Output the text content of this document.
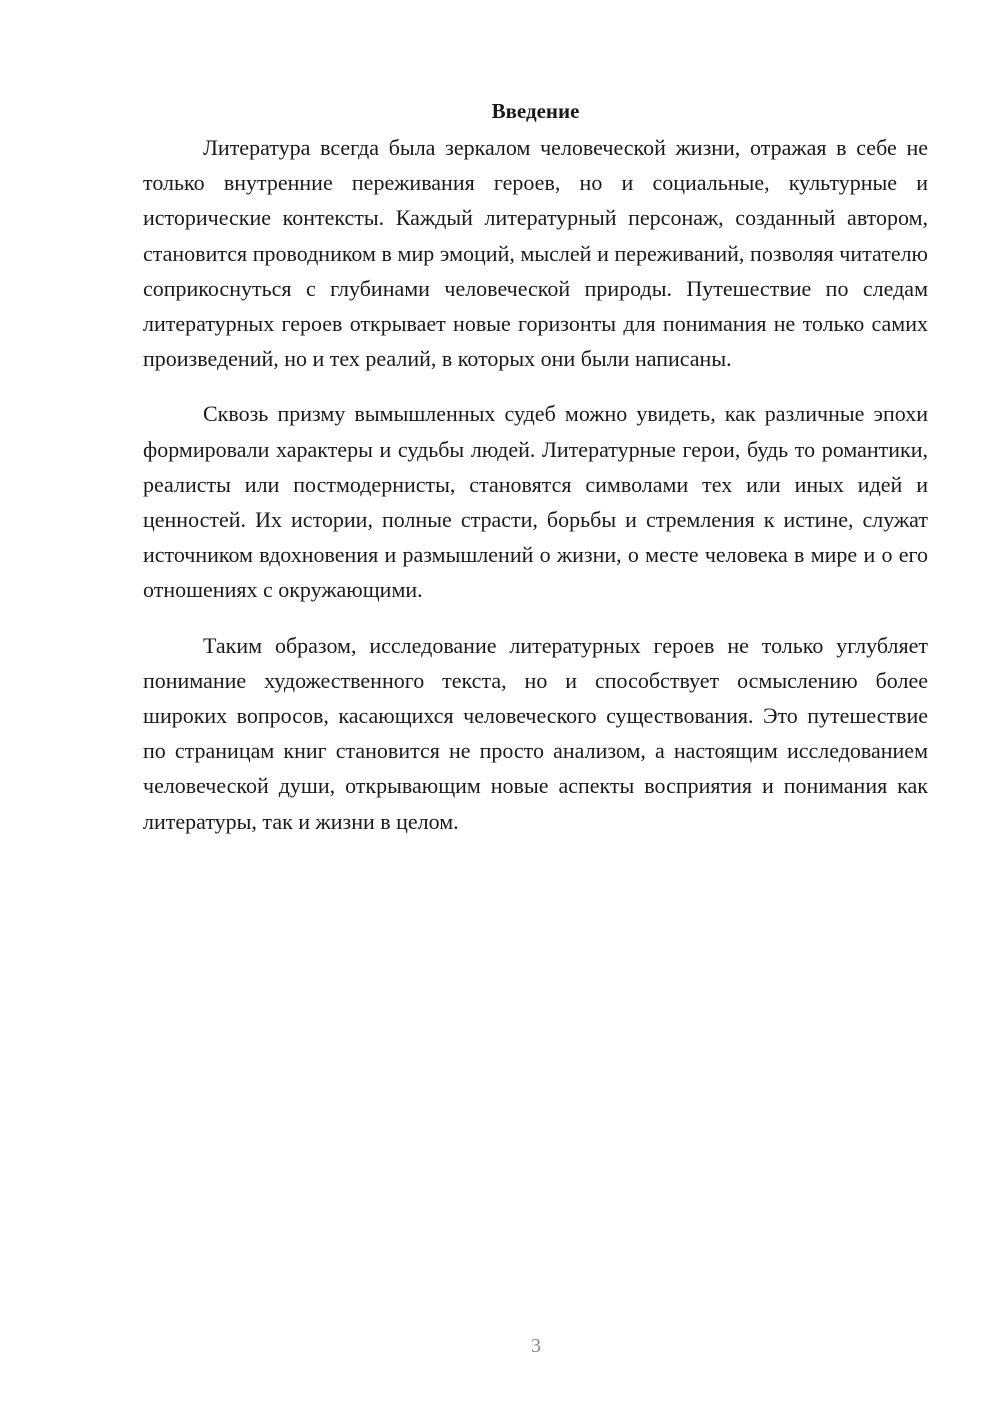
Введение

Литература всегда была зеркалом человеческой жизни, отражая в себе не только внутренние переживания героев, но и социальные, культурные и исторические контексты. Каждый литературный персонаж, созданный автором, становится проводником в мир эмоций, мыслей и переживаний, позволяя читателю соприкоснуться с глубинами человеческой природы. Путешествие по следам литературных героев открывает новые горизонты для понимания не только самих произведений, но и тех реалий, в которых они были написаны.

Сквозь призму вымышленных судеб можно увидеть, как различные эпохи формировали характеры и судьбы людей. Литературные герои, будь то романтики, реалисты или постмодернисты, становятся символами тех или иных идей и ценностей. Их истории, полные страсти, борьбы и стремления к истине, служат источником вдохновения и размышлений о жизни, о месте человека в мире и о его отношениях с окружающими.

Таким образом, исследование литературных героев не только углубляет понимание художественного текста, но и способствует осмыслению более широких вопросов, касающихся человеческого существования. Это путешествие по страницам книг становится не просто анализом, а настоящим исследованием человеческой души, открывающим новые аспекты восприятия и понимания как литературы, так и жизни в целом.

3
